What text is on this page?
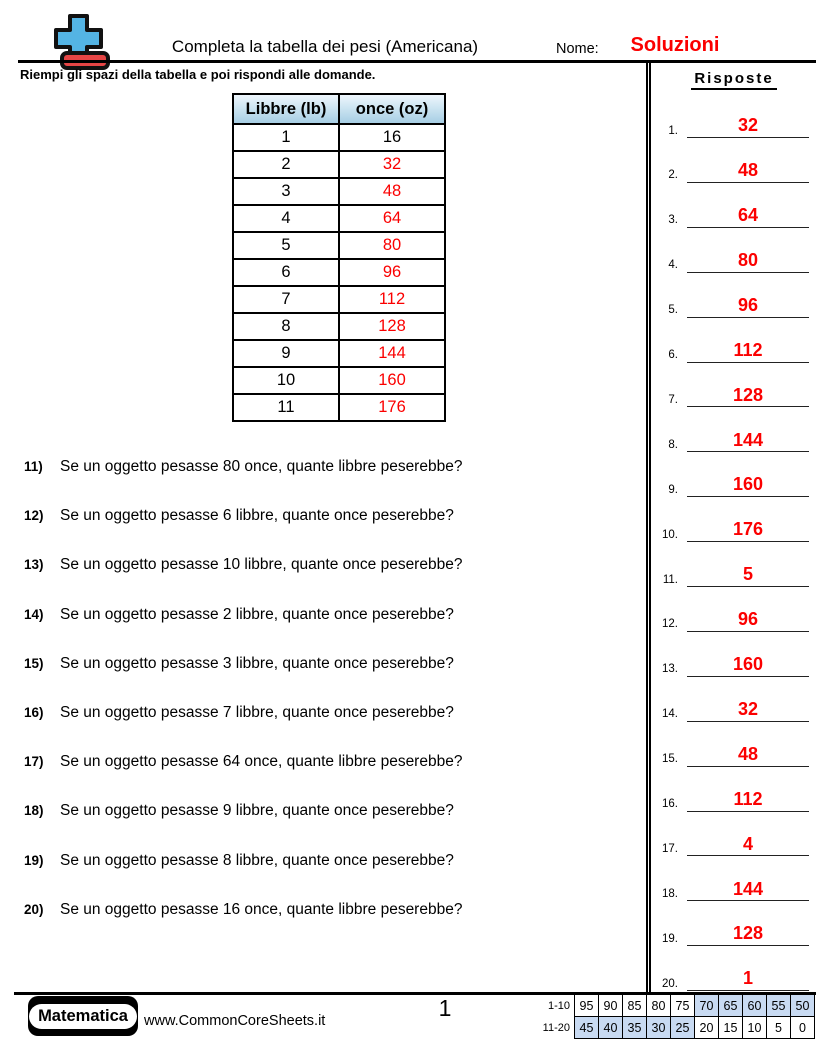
Completa la tabella dei pesi (Americana)	Nome:	Soluzioni
Riempi gli spazi della tabella e poi rispondi alle domande.
Libbre (lb)	once (oz)
1	16
2	32
3	48
4	64
5	80
6	96
7	112
8	128
9	144
10	160
11	176
11)	Se un oggetto pesasse 80 once, quante libbre peserebbe?
12)	Se un oggetto pesasse 6 libbre, quante once peserebbe?
13)	Se un oggetto pesasse 10 libbre, quante once peserebbe?
14)	Se un oggetto pesasse 2 libbre, quante once peserebbe?
15)	Se un oggetto pesasse 3 libbre, quante once peserebbe?
16)	Se un oggetto pesasse 7 libbre, quante once peserebbe?
17)	Se un oggetto pesasse 64 once, quante libbre peserebbe?
18)	Se un oggetto pesasse 9 libbre, quante once peserebbe?
19)	Se un oggetto pesasse 8 libbre, quante once peserebbe?
20)	Se un oggetto pesasse 16 once, quante libbre peserebbe?
Risposte
1.	32
2.	48
3.	64
4.	80
5.	96
6.	112
7.	128
8.	144
9.	160
10.	176
11.	5
12.	96
13.	160
14.	32
15.	48
16.	112
17.	4
18.	144
19.	128
20.	1
Matematica	www.CommonCoreSheets.it	1	1-10	95	90	85	80	75	70	65	60	55	50
11-20	45	40	35	30	25	20	15	10	5	0
